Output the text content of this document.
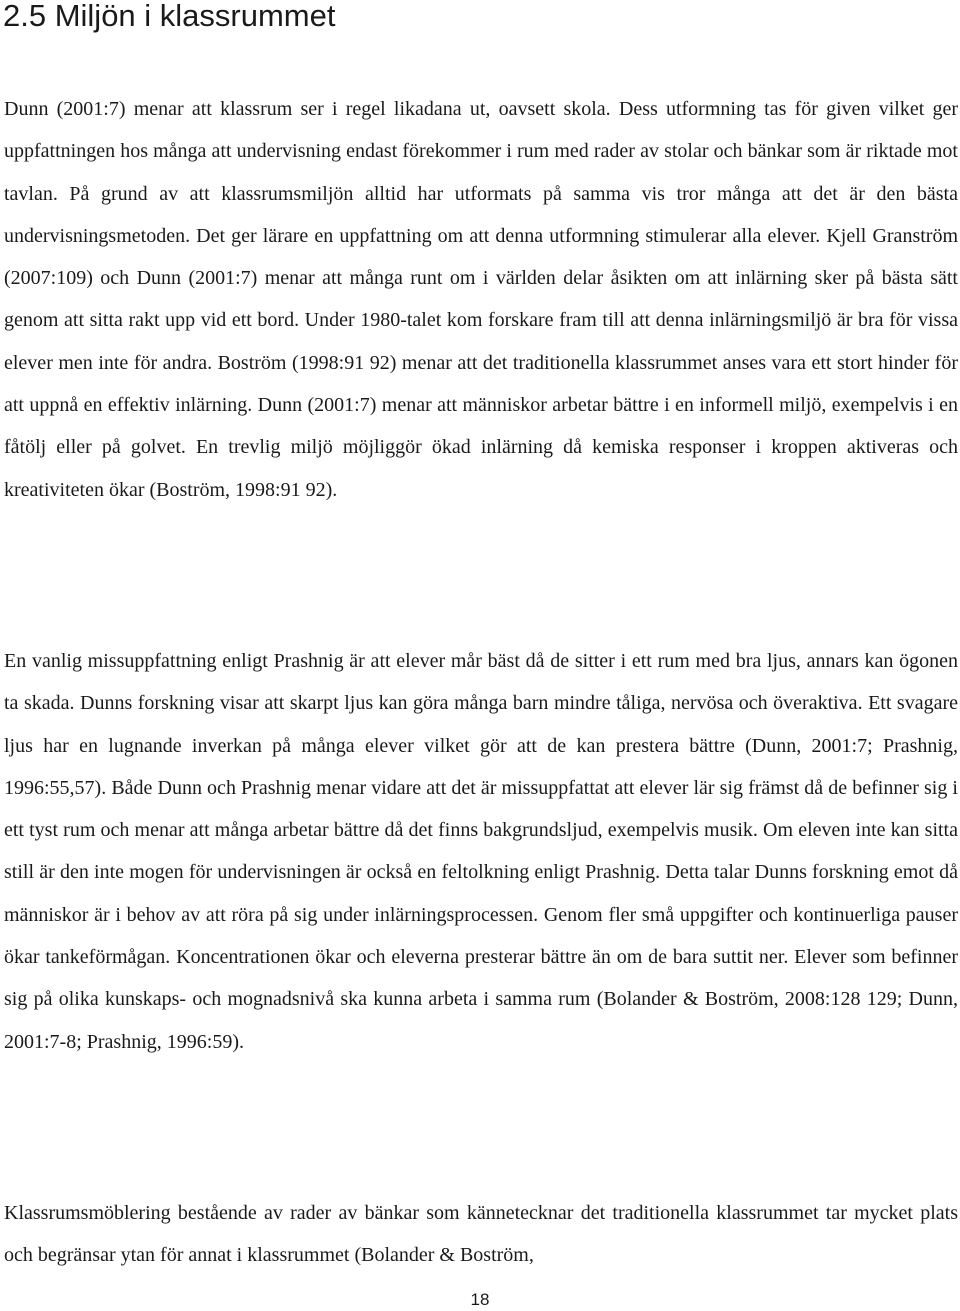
2.5 Miljön i klassrummet

Dunn (2001:7) menar att klassrum ser i regel likadana ut, oavsett skola. Dess utformning tas för given vilket ger uppfattningen hos många att undervisning endast förekommer i rum med rader av stolar och bänkar som är riktade mot tavlan. På grund av att klassrumsmiljön alltid har utformats på samma vis tror många att det är den bästa undervisningsmetoden. Det ger lärare en uppfattning om att denna utformning stimulerar alla elever. Kjell Granström (2007:109) och Dunn (2001:7) menar att många runt om i världen delar åsikten om att inlärning sker på bästa sätt genom att sitta rakt upp vid ett bord. Under 1980-talet kom forskare fram till att denna inlärningsmiljö är bra för vissa elever men inte för andra. Boström (1998:91 92) menar att det traditionella klassrummet anses vara ett stort hinder för att uppnå en effektiv inlärning. Dunn (2001:7) menar att människor arbetar bättre i en informell miljö, exempelvis i en fåtölj eller på golvet. En trevlig miljö möjliggör ökad inlärning då kemiska responser i kroppen aktiveras och kreativiteten ökar (Boström, 1998:91 92).

En vanlig missuppfattning enligt Prashnig är att elever mår bäst då de sitter i ett rum med bra ljus, annars kan ögonen ta skada. Dunns forskning visar att skarpt ljus kan göra många barn mindre tåliga, nervösa och överaktiva. Ett svagare ljus har en lugnande inverkan på många elever vilket gör att de kan prestera bättre (Dunn, 2001:7; Prashnig, 1996:55,57). Både Dunn och Prashnig menar vidare att det är missuppfattat att elever lär sig främst då de befinner sig i ett tyst rum och menar att många arbetar bättre då det finns bakgrundsljud, exempelvis musik. Om eleven inte kan sitta still är den inte mogen för undervisningen är också en feltolkning enligt Prashnig. Detta talar Dunns forskning emot då människor är i behov av att röra på sig under inlärningsprocessen. Genom fler små uppgifter och kontinuerliga pauser ökar tankeförmågan. Koncentrationen ökar och eleverna presterar bättre än om de bara suttit ner. Elever som befinner sig på olika kunskaps- och mognadsnivå ska kunna arbeta i samma rum (Bolander & Boström, 2008:128 129; Dunn, 2001:7-8; Prashnig, 1996:59).

Klassrumsmöblering bestående av rader av bänkar som kännetecknar det traditionella klassrummet tar mycket plats och begränsar ytan för annat i klassrummet (Bolander & Boström,

18
